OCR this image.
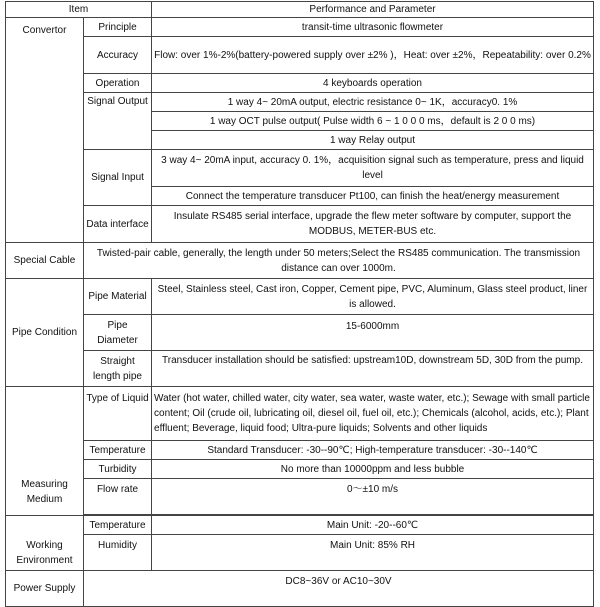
Item		Performance and Parameter
Convertor	Principle	transit-time ultrasonic flowmeter
	Accuracy	Flow: over 1%-2%(battery-powered supply over ±2% )，Heat: over ±2%，Repeatability: over 0.2%
	Operation	4 keyboards operation
	Signal Output	1 way 4~ 20mA output, electric resistance 0~ 1K，accuracy0. 1%
		1 way OCT pulse output( Pulse width 6 ~ 1 0 0 0 ms，default is 2 0 0 ms)
		1 way Relay output
	Signal Input	3 way 4~ 20mA input, accuracy 0. 1%，acquisition signal such as temperature, press and liquid level
		Connect the temperature transducer Pt100, can finish the heat/energy measurement
	Data interface	Insulate RS485 serial interface, upgrade the flew meter software by computer, support the MODBUS, METER-BUS etc.
Special Cable	Twisted-pair cable, generally, the length under 50 meters;Select the RS485 communication. The transmission distance can over 1000m.	
Pipe Condition	Pipe Material	Steel, Stainless steel, Cast iron, Copper, Cement pipe, PVC, Aluminum, Glass steel product, liner is allowed.
	Pipe Diameter	15-6000mm
	Straight length pipe	Transducer installation should be satisfied: upstream10D, downstream 5D, 30D from the pump.
Measuring Medium	Type of Liquid	Water (hot water, chilled water, city water, sea water, waste water, etc.); Sewage with small particle content; Oil (crude oil, lubricating oil, diesel oil, fuel oil, etc.); Chemicals (alcohol, acids, etc.); Plant effluent; Beverage, liquid food; Ultra-pure liquids; Solvents and other liquids
	Temperature	Standard Transducer: -30--90℃; High-temperature transducer: -30--140℃
	Turbidity	No more than 10000ppm and less bubble
	Flow rate	0～±10 m/s

Working Environment	Temperature	Main Unit: -20--60℃
	Humidity	Main Unit: 85% RH
Power Supply	DC8~36V or AC10~30V	
